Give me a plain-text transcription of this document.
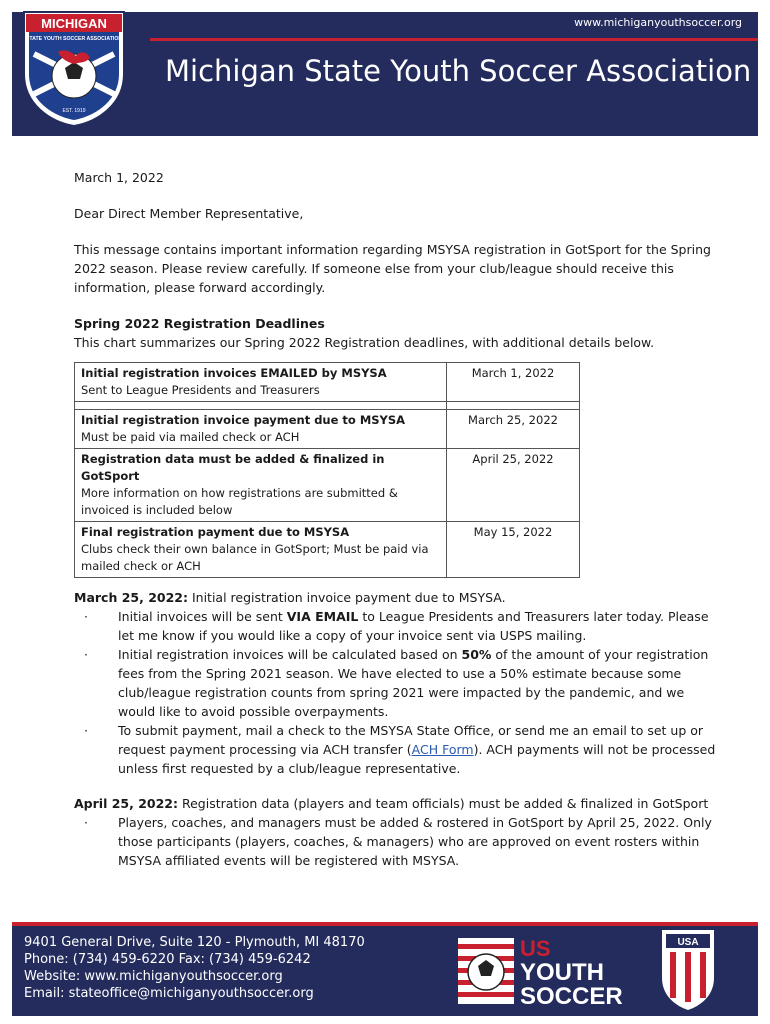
www.michiganyouthsoccer.org
Michigan State Youth Soccer Association
MICHIGAN
STATE YOUTH SOCCER ASSOCIATION
EST. 1919

March 1, 2022

Dear Direct Member Representative,

This message contains important information regarding MSYSA registration in GotSport for the Spring 2022 season. Please review carefully. If someone else from your club/league should receive this information, please forward accordingly.

Spring 2022 Registration Deadlines
This chart summarizes our Spring 2022 Registration deadlines, with additional details below.
Initial registration invoices EMAILED by MSYSA
Sent to League Presidents and Treasurers	March 1, 2022

Initial registration invoice payment due to MSYSA
Must be paid via mailed check or ACH	March 25, 2022
Registration data must be added & finalized in GotSport
More information on how registrations are submitted & invoiced is included below	April 25, 2022
Final registration payment due to MSYSA
Clubs check their own balance in GotSport; Must be paid via mailed check or ACH	May 15, 2022
March 25, 2022: Initial registration invoice payment due to MSYSA.
· Initial invoices will be sent VIA EMAIL to League Presidents and Treasurers later today. Please let me know if you would like a copy of your invoice sent via USPS mailing.
· Initial registration invoices will be calculated based on 50% of the amount of your registration fees from the Spring 2021 season. We have elected to use a 50% estimate because some club/league registration counts from spring 2021 were impacted by the pandemic, and we would like to avoid possible overpayments.
· To submit payment, mail a check to the MSYSA State Office, or send me an email to set up or request payment processing via ACH transfer (ACH Form). ACH payments will not be processed unless first requested by a club/league representative.
April 25, 2022: Registration data (players and team officials) must be added & finalized in GotSport
· Players, coaches, and managers must be added & rostered in GotSport by April 25, 2022. Only those participants (players, coaches, & managers) who are approved on event rosters within MSYSA affiliated events will be registered with MSYSA.
9401 General Drive, Suite 120 - Plymouth, MI 48170
Phone: (734) 459-6220 Fax: (734) 459-6242
Website: www.michiganyouthsoccer.org
Email: stateoffice@michiganyouthsoccer.org
US
YOUTH
SOCCER
USA
